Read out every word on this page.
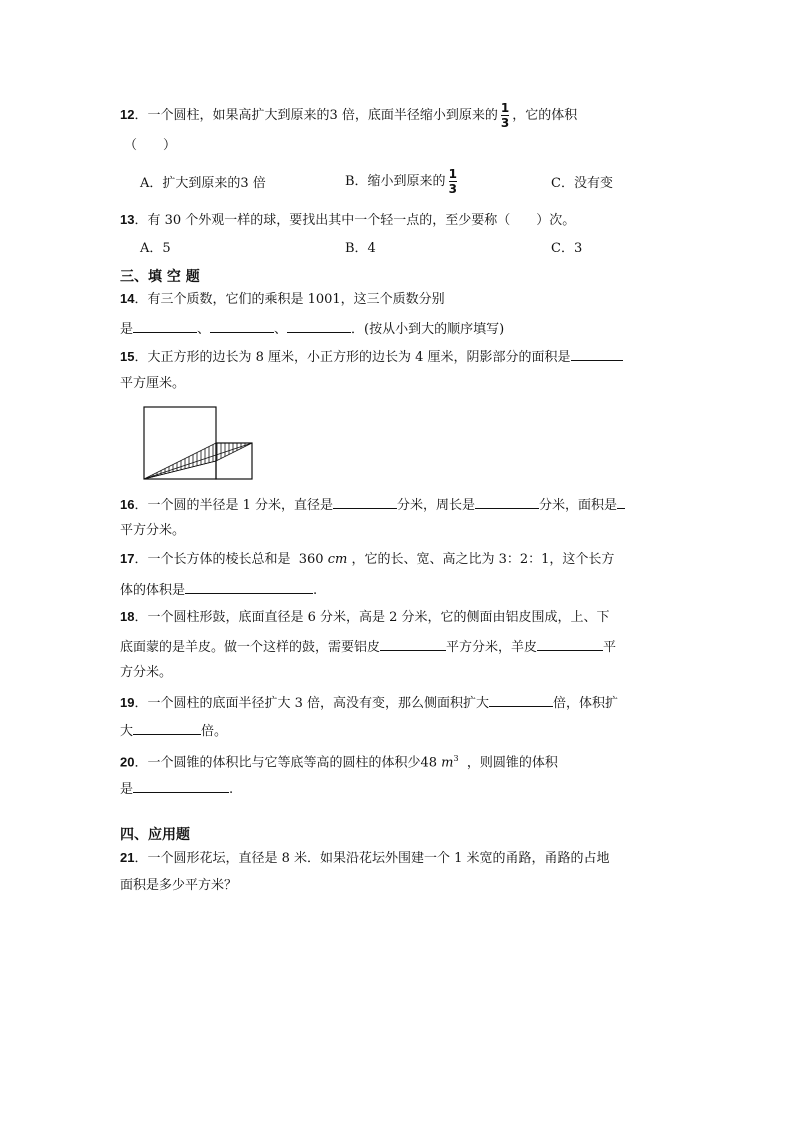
12．一个圆柱，如果高扩大到原来的3 倍，底面半径缩小到原来的 $\frac{1}{3}$ ，它的体积
（　　）
A．扩大到原来的3 倍	B．缩小到原来的 $\frac{1}{3}$	C．没有变
13．有 30 个外观一样的球，要找出其中一个轻一点的，至少要称（　　）次。
A．5	B．4	C．3
三、填 空 题
14．有三个质数，它们的乘积是 1001，这三个质数分别
是	、	、	．(按从小到大的顺序填写)
15．大正方形的边长为 8 厘米，小正方形的边长为 4 厘米，阴影部分的面积是
平方厘米。
16．一个圆的半径是 1 分米，直径是	分米，周长是	分米，面积是
平方分米。
17．一个长方体的棱长总和是 360 cm ，它的长、宽、高之比为 3：2：1，这个长方
体的体积是	.
18．一个圆柱形鼓，底面直径是 6 分米，高是 2 分米，它的侧面由铝皮围成，上、下
底面蒙的是羊皮。做一个这样的鼓，需要铝皮	平方分米，羊皮	平
方分米。
19．一个圆柱的底面半径扩大 3 倍，高没有变，那么侧面积扩大	倍，体积扩
大	倍。
20．一个圆锥的体积比与它等底等高的圆柱的体积少48 $m^3$ ，则圆锥的体积
是	.
四、应用题
21．一个圆形花坛，直径是 8 米．如果沿花坛外围建一个 1 米宽的甬路，甬路的占地
面积是多少平方米？
